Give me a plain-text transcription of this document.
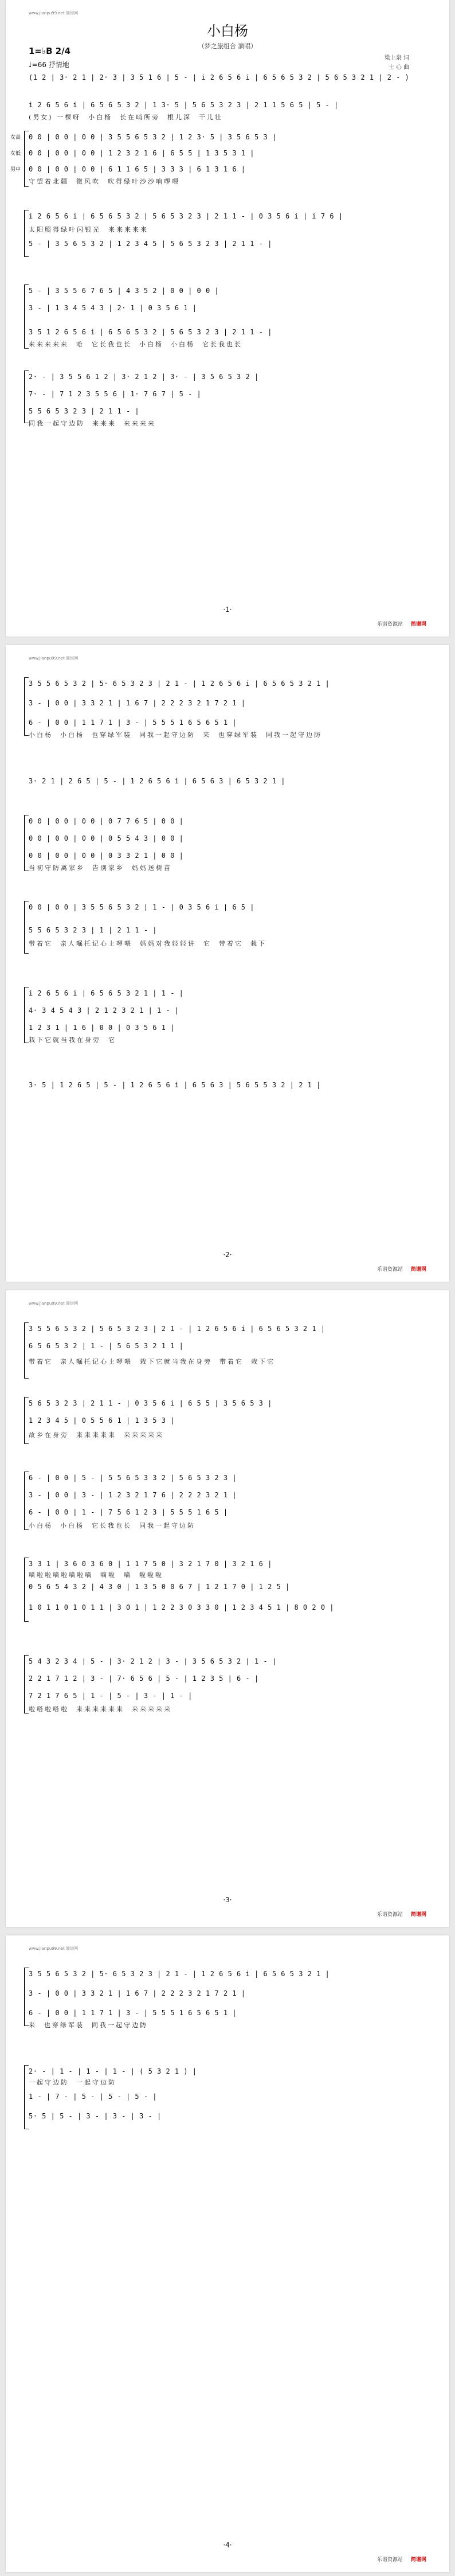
www.jianpu99.net 简谱网
小白杨
（梦之旅组合 演唱）
梁上泉 词
士 心 曲
1=♭B 2/4
♩=66 抒情地
(1 2 | 3· 2 1 | 2· 3 | 3 5 1 6 | 5 - | i 2 6 5 6 i | 6 5 6 5 3 2 | 5 6 5 3 2 1 | 2 - )
i 2 6 5 6 i | 6 5 6 5 3 2 | 1 3· 5 | 5 6 5 3 2 3 | 2 1 1 5 6 5 | 5 - |
(男女) 一棵呀  小白杨  长在哨所旁  根儿深  干儿壮
女高
女低
男中
0 0 | 0 0 | 0 0 | 3 5 5 6 5 3 2 | 1 2 3· 5 | 3 5 6 5 3 |
0 0 | 0 0 | 0 0 | 1 2 3 2 1 6 | 6 5 5 | 1 3 5 3 1 |
0 0 | 0 0 | 0 0 | 6 1 1 6 5 | 3 3 3 | 6 1 3 1 6 |
守望着北疆  微风吹  吹得绿叶沙沙响啰喂
i 2 6 5 6 i | 6 5 6 5 3 2 | 5 6 5 3 2 3 | 2 1 1 - | 0 3 5 6 i | i 7 6 |
太阳照得绿叶闪银光  来来来来来
5 - | 3 5 6 5 3 2 | 1 2 3 4 5 | 5 6 5 3 2 3 | 2 1 1 - |
5 - | 3 5 5 6 7 6 5 | 4 3 5 2 | 0 0 | 0 0 |
3 - | 1 3 4 5 4 3 | 2· 1 | 0 3 5 6 1 |
3 5 1 2 6 5 6 i | 6 5 6 5 3 2 | 5 6 5 3 2 3 | 2 1 1 - |
来来来来来  哈  它长我也长  小白杨  小白杨  它长我也长
2· - | 3 5 5 6 1 2 | 3· 2 1 2 | 3· - | 3 5 6 5 3 2 |
7· - | 7 1 2 3 5 5 6 | 1· 7 6 7 | 5 - |
5 5 6 5 3 2 3 | 2 1 1 - |
同我一起守边防  来来来  来来来来
·1·
乐谱资源站 简谱网
www.jianpu99.net 简谱网
3 5 5 6 5 3 2 | 5· 6 5 3 2 3 | 2 1 - | 1 2 6 5 6 i | 6 5 6 5 3 2 1 |
3 - | 0 0 | 3 3 2 1 | 1 6 7 | 2 2 2 3 2 1 7 2 1 |
6 - | 0 0 | 1 1 7 1 | 3 - | 5 5 5 1 6 5 6 5 1 |
小白杨  小白杨  也穿绿军装  同我一起守边防  来  也穿绿军装  同我一起守边防
3· 2 1 | 2 6 5 | 5 - | 1 2 6 5 6 i | 6 5 6 3 | 6 5 3 2 1 |
0 0 | 0 0 | 0 0 | 0 7 7 6 5 | 0 0 |
0 0 | 0 0 | 0 0 | 0 5 5 4 3 | 0 0 |
0 0 | 0 0 | 0 0 | 0 3 3 2 1 | 0 0 |
当初守防离家乡  告别家乡  妈妈送树苗
0 0 | 0 0 | 3 5 5 6 5 3 2 | 1 - | 0 3 5 6 i | 6 5 |
5 5 6 5 3 2 3 | 1 | 2 1 1 - |
带着它  亲人嘱托记心上啰喂  妈妈对我轻轻讲  它  带着它  栽下
i 2 6 5 6 i | 6 5 6 5 3 2 1 | 1 - |
4· 3 4 5 4 3 | 2 1 2 3 2 1 | 1 - |
1 2 3 1 | 1 6 | 0 0 | 0 3 5 6 1 |
栽下它就当我在身旁  它
3· 5 | 1 2 6 5 | 5 - | 1 2 6 5 6 i | 6 5 6 3 | 5 6 5 5 3 2 | 2 1 |
·2·
乐谱资源站 简谱网
www.jianpu99.net 简谱网
3 5 5 6 5 3 2 | 5 6 5 3 2 3 | 2 1 - | 1 2 6 5 6 i | 6 5 6 5 3 2 1 |
6 5 6 5 3 2 | 1 - | 5 6 5 3 2 1 1 |
带着它  亲人嘱托记心上啰喂  栽下它就当我在身旁  带着它  栽下它
5 6 5 3 2 3 | 2 1 1 - | 0 3 5 6 i | 6 5 5 | 3 5 6 5 3 |
1 2 3 4 5 | 0 5 5 6 1 | 1 3 5 3 |
故乡在身旁  来来来来来  来来来来来
6 - | 0 0 | 5 - | 5 5 6 5 3 3 2 | 5 6 5 3 2 3 |
3 - | 0 0 | 3 - | 1 2 3 2 1 7 6 | 2 2 2 3 2 1 |
6 - | 0 0 | 1 - | 7 5 6 1 2 3 | 5 5 5 1 6 5 |
小白杨  小白杨  它长我也长  同我一起守边防
3 3 1 | 3 6 0 3 6 0 | 1 1 7 5 0 | 3 2 1 7 0 | 3 2 1 6 |
嘀啦啦嘀啦嘀啦嘀  嘀啦  嘀  啦啦啦
0 5 6 5 4 3 2 | 4 3 0 | 1 3 5 0 0 6 7 | 1 2 1 7 0 | 1 2 5 |
1 0 1 1 0 1 0 1 1 | 3 0 1 | 1 2 2 3 0 3 3 0 | 1 2 3 4 5 1 | 8 0 2 0 |
5 4 3 2 3 4 | 5 - | 3· 2 1 2 | 3 - | 3 5 6 5 3 2 | 1 - |
2 2 1 7 1 2 | 3 - | 7· 6 5 6 | 5 - | 1 2 3 5 | 6 - |
7 2 1 7 6 5 | 1 - | 5 - | 3 - | 1 - |
啦嗒啦嗒啦  来来来来来来  来来来来来
·3·
乐谱资源站 简谱网
www.jianpu99.net 简谱网
3 5 5 6 5 3 2 | 5· 6 5 3 2 3 | 2 1 - | 1 2 6 5 6 i | 6 5 6 5 3 2 1 |
3 - | 0 0 | 3 3 2 1 | 1 6 7 | 2 2 2 3 2 1 7 2 1 |
6 - | 0 0 | 1 1 7 1 | 3 - | 5 5 5 1 6 5 6 5 1 |
来  也穿绿军装  同我一起守边防
2· - | 1 - | 1 - | 1 - | ( 5 3 2 1 ) |
一起守边防  一起守边防
1 - | 7 - | 5 - | 5 - | 5 - |
5· 5 | 5 - | 3 - | 3 - | 3 - |
·4·
乐谱资源站 简谱网
